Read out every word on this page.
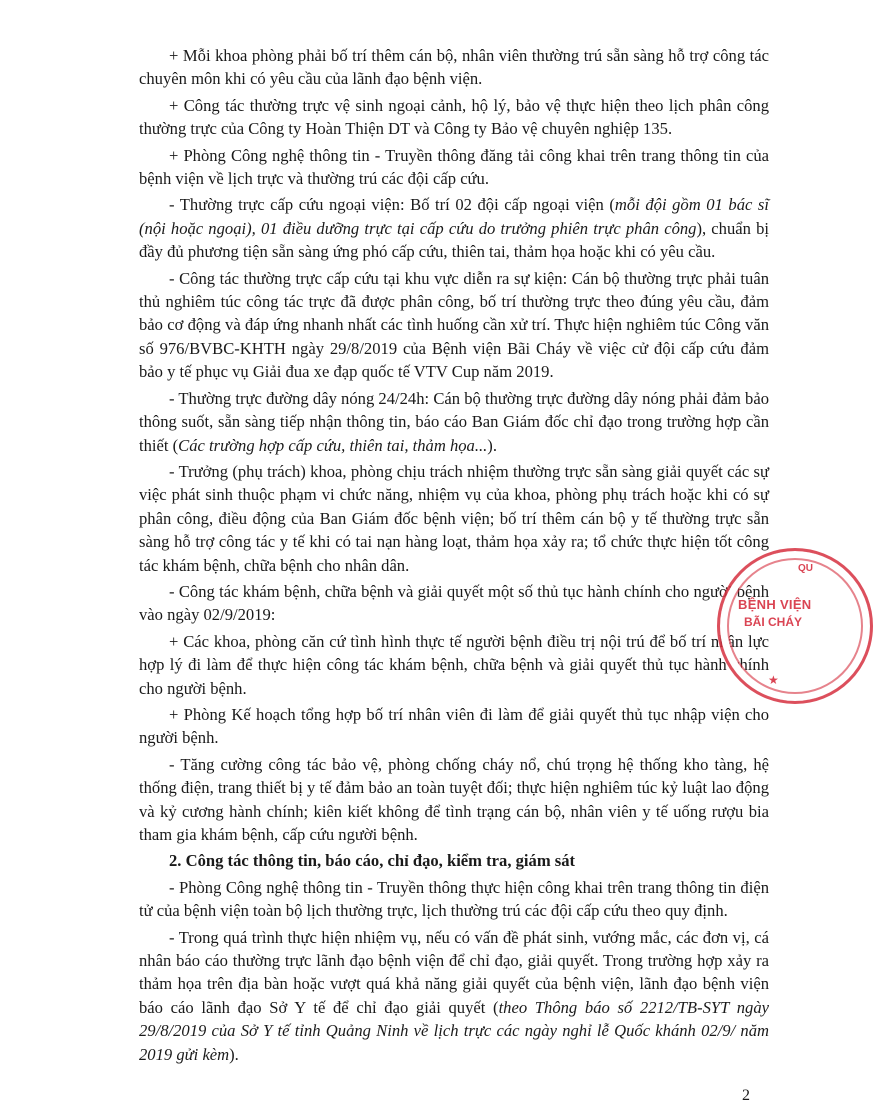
+ Mỗi khoa phòng phải bố trí thêm cán bộ, nhân viên thường trú sẵn sàng hỗ trợ công tác chuyên môn khi có yêu cầu của lãnh đạo bệnh viện.

+ Công tác thường trực vệ sinh ngoại cảnh, hộ lý, bảo vệ thực hiện theo lịch phân công thường trực của Công ty Hoàn Thiện DT và Công ty Bảo vệ chuyên nghiệp 135.

+ Phòng Công nghệ thông tin - Truyền thông đăng tải công khai trên trang thông tin của bệnh viện về lịch trực và thường trú các đội cấp cứu.

- Thường trực cấp cứu ngoại viện: Bố trí 02 đội cấp ngoại viện (mỗi đội gồm 01 bác sĩ (nội hoặc ngoại), 01 điều dưỡng trực tại cấp cứu do trưởng phiên trực phân công), chuẩn bị đầy đủ phương tiện sẵn sàng ứng phó cấp cứu, thiên tai, thảm họa hoặc khi có yêu cầu.

- Công tác thường trực cấp cứu tại khu vực diễn ra sự kiện: Cán bộ thường trực phải tuân thủ nghiêm túc công tác trực đã được phân công, bố trí thường trực theo đúng yêu cầu, đảm bảo cơ động và đáp ứng nhanh nhất các tình huống cần xử trí. Thực hiện nghiêm túc Công văn số 976/BVBC-KHTH ngày 29/8/2019 của Bệnh viện Bãi Cháy về việc cử đội cấp cứu đảm bảo y tế phục vụ Giải đua xe đạp quốc tế VTV Cup năm 2019.

- Thường trực đường dây nóng 24/24h: Cán bộ thường trực đường dây nóng phải đảm bảo thông suốt, sẵn sàng tiếp nhận thông tin, báo cáo Ban Giám đốc chỉ đạo trong trường hợp cần thiết (Các trường hợp cấp cứu, thiên tai, thảm họa...).

- Trưởng (phụ trách) khoa, phòng chịu trách nhiệm thường trực sẵn sàng giải quyết các sự việc phát sinh thuộc phạm vi chức năng, nhiệm vụ của khoa, phòng phụ trách hoặc khi có sự phân công, điều động của Ban Giám đốc bệnh viện; bố trí thêm cán bộ y tế thường trực sẵn sàng hỗ trợ công tác y tế khi có tai nạn hàng loạt, thảm họa xảy ra; tổ chức thực hiện tốt công tác khám bệnh, chữa bệnh cho nhân dân.

- Công tác khám bệnh, chữa bệnh và giải quyết một số thủ tục hành chính cho người bệnh vào ngày 02/9/2019:

+ Các khoa, phòng căn cứ tình hình thực tế người bệnh điều trị nội trú để bố trí nhân lực hợp lý đi làm để thực hiện công tác khám bệnh, chữa bệnh và giải quyết thủ tục hành chính cho người bệnh.

+ Phòng Kế hoạch tổng hợp bố trí nhân viên đi làm để giải quyết thủ tục nhập viện cho người bệnh.

- Tăng cường công tác bảo vệ, phòng chống cháy nổ, chú trọng hệ thống kho tàng, hệ thống điện, trang thiết bị y tế đảm bảo an toàn tuyệt đối; thực hiện nghiêm túc kỷ luật lao động và kỷ cương hành chính; kiên kiết không để tình trạng cán bộ, nhân viên y tế uống rượu bia tham gia khám bệnh, cấp cứu người bệnh.

2. Công tác thông tin, báo cáo, chỉ đạo, kiểm tra, giám sát

- Phòng Công nghệ thông tin - Truyền thông thực hiện công khai trên trang thông tin điện tử của bệnh viện toàn bộ lịch thường trực, lịch thường trú các đội cấp cứu theo quy định.

- Trong quá trình thực hiện nhiệm vụ, nếu có vấn đề phát sinh, vướng mắc, các đơn vị, cá nhân báo cáo thường trực lãnh đạo bệnh viện để chỉ đạo, giải quyết. Trong trường hợp xảy ra thảm họa trên địa bàn hoặc vượt quá khả năng giải quyết của bệnh viện, lãnh đạo bệnh viện báo cáo lãnh đạo Sở Y tế để chỉ đạo giải quyết (theo Thông báo số 2212/TB-SYT ngày 29/8/2019 của Sở Y tế tỉnh Quảng Ninh về lịch trực các ngày nghỉ lễ Quốc khánh 02/9/ năm 2019 gửi kèm).

QU
BỆNH VIỆN
BÃI CHÁY
★
2
